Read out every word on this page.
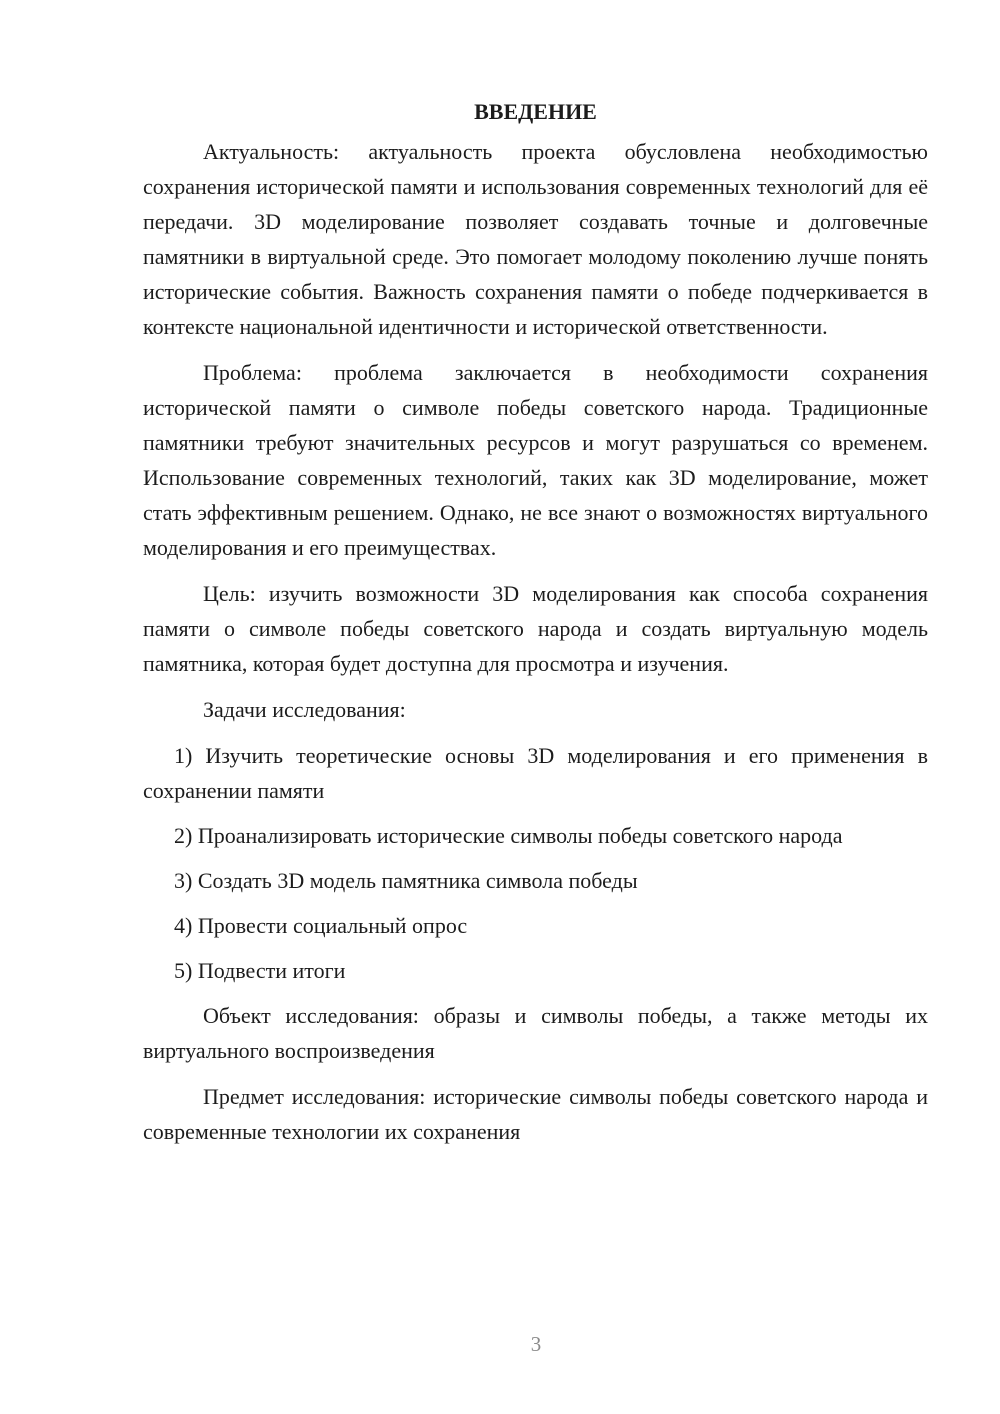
ВВЕДЕНИЕ

Актуальность: актуальность проекта обусловлена необходимостью сохранения исторической памяти и использования современных технологий для её передачи. 3D моделирование позволяет создавать точные и долговечные памятники в виртуальной среде. Это помогает молодому поколению лучше понять исторические события. Важность сохранения памяти о победе подчеркивается в контексте национальной идентичности и исторической ответственности.

Проблема: проблема заключается в необходимости сохранения исторической памяти о символе победы советского народа. Традиционные памятники требуют значительных ресурсов и могут разрушаться со временем. Использование современных технологий, таких как 3D моделирование, может стать эффективным решением. Однако, не все знают о возможностях виртуального моделирования и его преимуществах.

Цель: изучить возможности 3D моделирования как способа сохранения памяти о символе победы советского народа и создать виртуальную модель памятника, которая будет доступна для просмотра и изучения.

Задачи исследования:

1) Изучить теоретические основы 3D моделирования и его применения в сохранении памяти

2) Проанализировать исторические символы победы советского народа

3) Создать 3D модель памятника символа победы

4) Провести социальный опрос

5) Подвести итоги

Объект исследования: образы и символы победы, а также методы их виртуального воспроизведения

Предмет исследования: исторические символы победы советского народа и современные технологии их сохранения

3
